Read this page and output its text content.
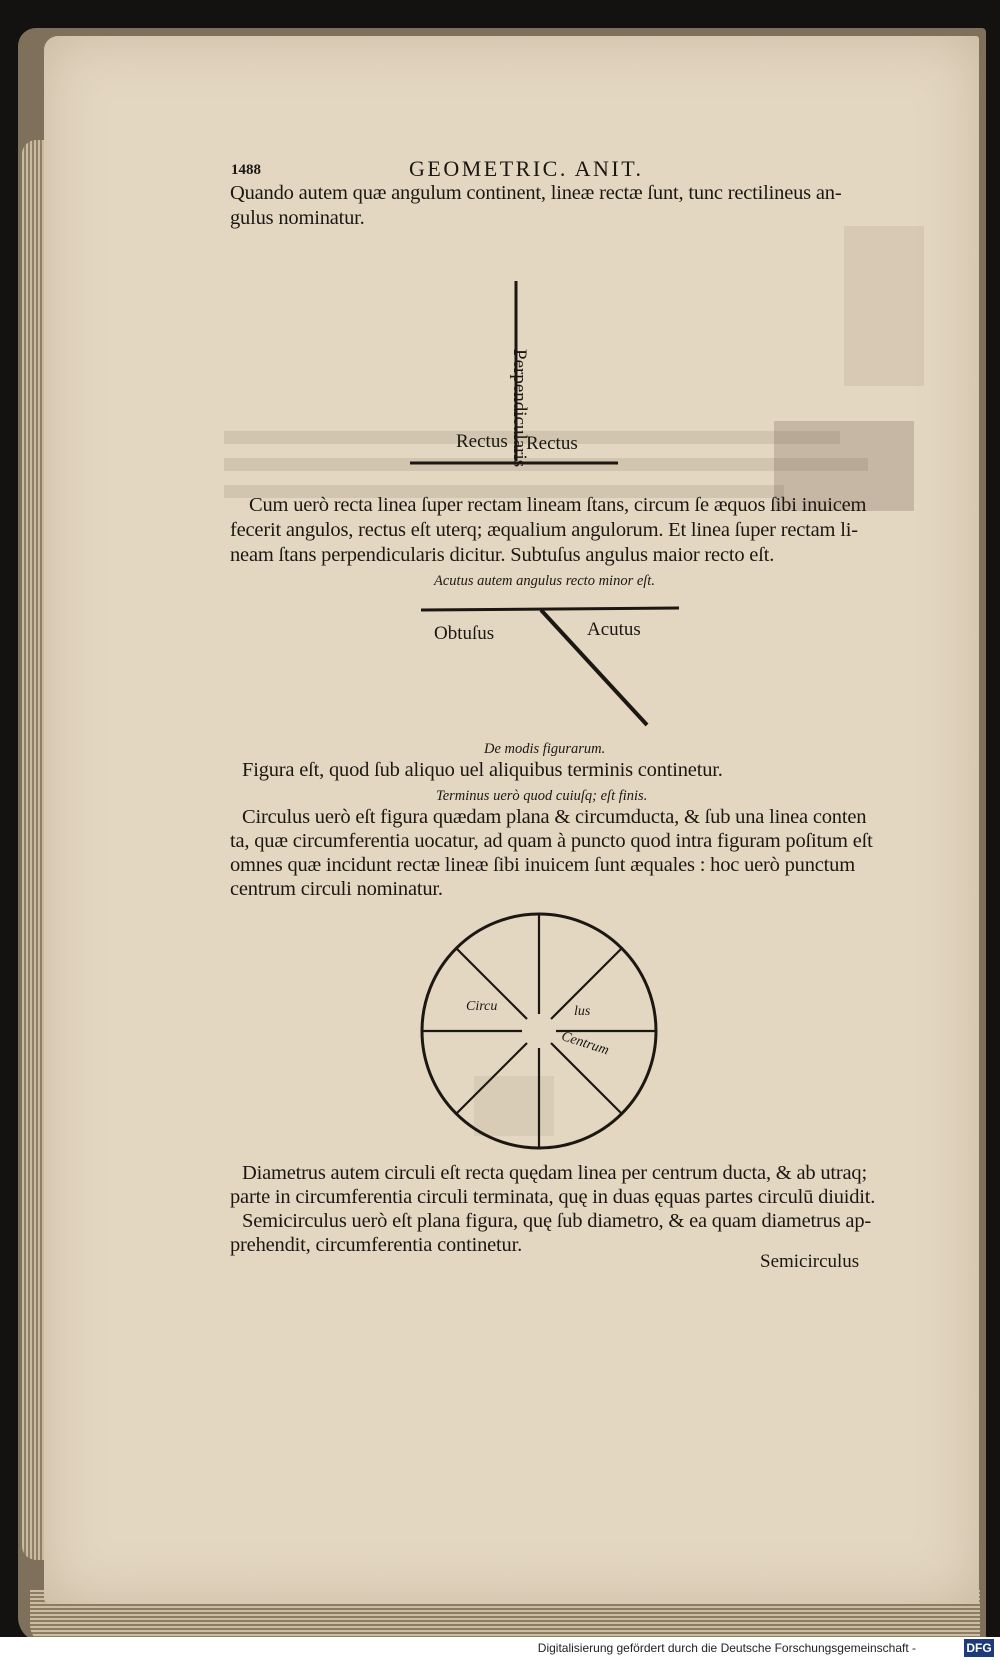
1488	GEOMETRIC. ANIT.
Quando autem quæ angulum continent, lineæ rectæ ſunt, tunc rectilineus an-
gulus nominatur.
Perpendicularis
Rectus Rectus
Cum uerò recta linea ſuper rectam lineam ſtans, circum ſe æquos ſibi inuicem
fecerit angulos, rectus eſt uterq; æqualium angulorum. Et linea ſuper rectam li-
neam ſtans perpendicularis dicitur. Subtuſus angulus maior recto eſt.
Acutus autem angulus recto minor eſt.
Obtuſus	Acutus
De modis figurarum.
Figura eſt, quod ſub aliquo uel aliquibus terminis continetur.
Terminus uerò quod cuiuſq; eſt finis.
Circulus uerò eſt figura quædam plana & circumducta, & ſub una linea conten
ta, quæ circumferentia uocatur, ad quam à puncto quod intra figuram poſitum eſt
omnes quæ incidunt rectæ lineæ ſibi inuicem ſunt æquales : hoc uerò punctum
centrum circuli nominatur.
Circu	lus
Centrum
Diametrus autem circuli eſt recta quędam linea per centrum ducta, & ab utraq;
parte in circumferentia circuli terminata, quę in duas ęquas partes circulū diuidit.
Semicirculus uerò eſt plana figura, quę ſub diametro, & ea quam diametrus ap-
prehendit, circumferentia continetur.
Semicirculus
Digitalisierung gefördert durch die Deutsche Forschungsgemeinschaft -	DFG
